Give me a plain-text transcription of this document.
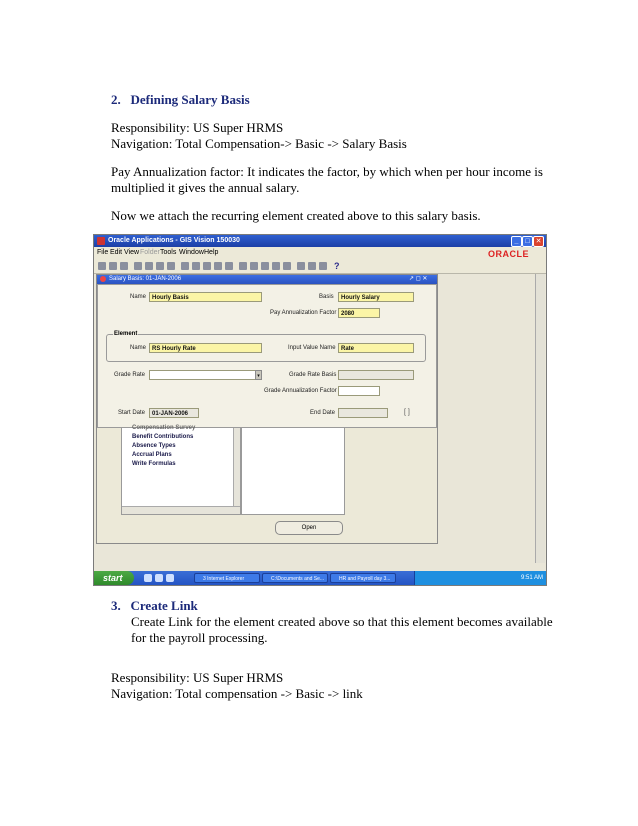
2.   Defining Salary Basis
Responsibility: US Super HRMS
Navigation: Total Compensation-> Basic -> Salary Basis
Pay Annualization factor: It indicates the factor, by which when per hour income is
multiplied it gives the annual salary.
Now we attach the recurring element created above to this salary basis.
Oracle Applications - GIS Vision 150030	_ □ ✕
File Edit View Folder Tools Window Help	ORACLE
?
Salary Basis: 01-JAN-2006	↗ ◻ ✕
Name Hourly Basis	Basis	Hourly Salary
Pay Annualization Factor 2080
Element
Name RS Hourly Rate	Input Value Name Rate
Grade Rate	▾	Grade Rate Basis
Grade Annualization Factor
Start Date	01-JAN-2006	End Date	[ ]
Compensation Survey
Benefit Contributions
Absence Types
Accrual Plans
Write Formulas
Open
start	3 Internet Explorer	C:\Documents and Se...	HR and Payroll day 3...	9:51 AM
3.   Create Link
Create Link for the element created above so that this element becomes available
for the payroll processing.
Responsibility: US Super HRMS
Navigation: Total compensation -> Basic -> link
